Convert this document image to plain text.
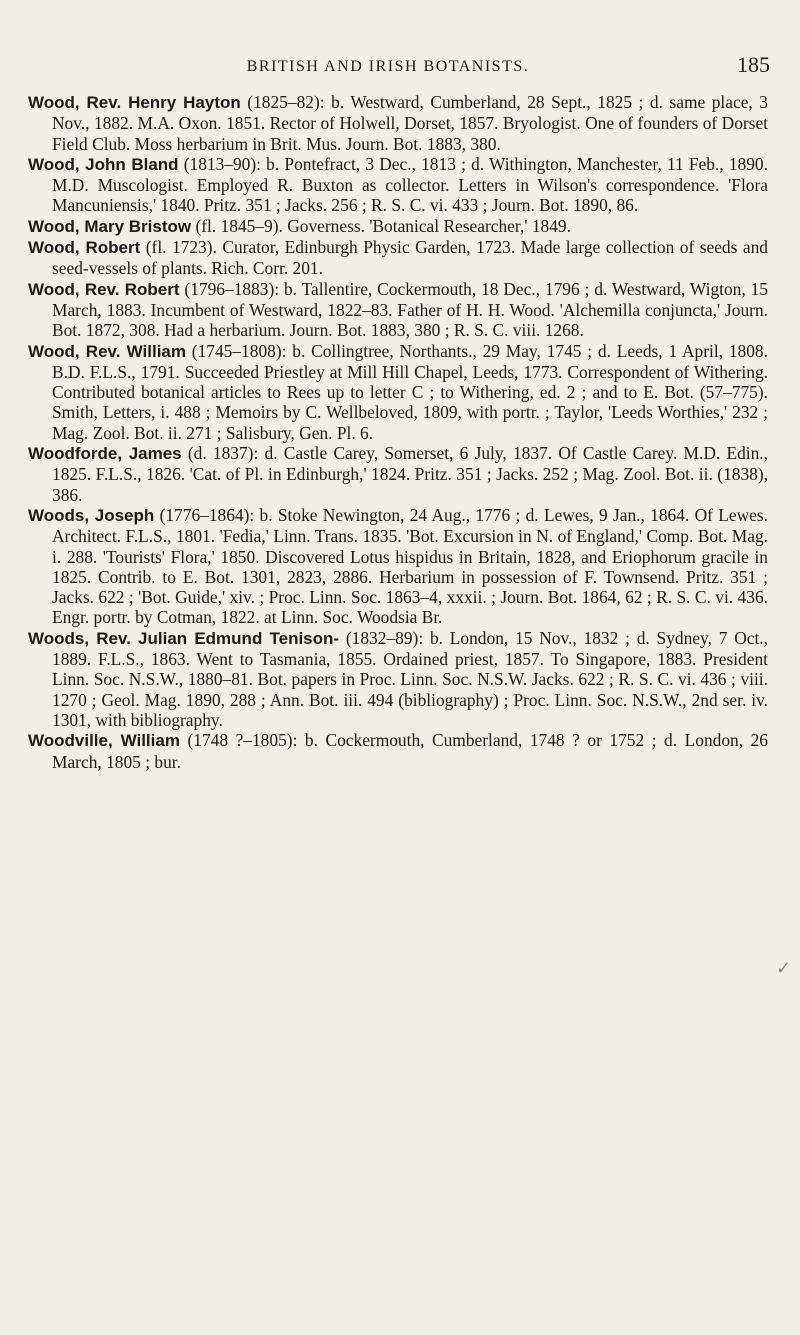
BRITISH AND IRISH BOTANISTS.	185

Wood, Rev. Henry Hayton (1825–82): b. Westward, Cumberland, 28 Sept., 1825 ; d. same place, 3 Nov., 1882. M.A. Oxon. 1851. Rector of Holwell, Dorset, 1857. Bryologist. One of founders of Dorset Field Club. Moss herbarium in Brit. Mus. Journ. Bot. 1883, 380.

Wood, John Bland (1813–90): b. Pontefract, 3 Dec., 1813 ; d. Withington, Manchester, 11 Feb., 1890. M.D. Muscologist. Employed R. Buxton as collector. Letters in Wilson's correspondence. 'Flora Mancuniensis,' 1840. Pritz. 351 ; Jacks. 256 ; R. S. C. vi. 433 ; Journ. Bot. 1890, 86.

Wood, Mary Bristow (fl. 1845–9). Governess. 'Botanical Researcher,' 1849.

Wood, Robert (fl. 1723). Curator, Edinburgh Physic Garden, 1723. Made large collection of seeds and seed-vessels of plants. Rich. Corr. 201.

Wood, Rev. Robert (1796–1883): b. Tallentire, Cockermouth, 18 Dec., 1796 ; d. Westward, Wigton, 15 March, 1883. Incumbent of Westward, 1822–83. Father of H. H. Wood. 'Alchemilla conjuncta,' Journ. Bot. 1872, 308. Had a herbarium. Journ. Bot. 1883, 380 ; R. S. C. viii. 1268.

Wood, Rev. William (1745–1808): b. Collingtree, Northants., 29 May, 1745 ; d. Leeds, 1 April, 1808. B.D. F.L.S., 1791. Succeeded Priestley at Mill Hill Chapel, Leeds, 1773. Correspondent of Withering. Contributed botanical articles to Rees up to letter C ; to Withering, ed. 2 ; and to E. Bot. (57–775). Smith, Letters, i. 488 ; Memoirs by C. Wellbeloved, 1809, with portr. ; Taylor, 'Leeds Worthies,' 232 ; Mag. Zool. Bot. ii. 271 ; Salisbury, Gen. Pl. 6.

Woodforde, James (d. 1837): d. Castle Carey, Somerset, 6 July, 1837. Of Castle Carey. M.D. Edin., 1825. F.L.S., 1826. 'Cat. of Pl. in Edinburgh,' 1824. Pritz. 351 ; Jacks. 252 ; Mag. Zool. Bot. ii. (1838), 386.

Woods, Joseph (1776–1864): b. Stoke Newington, 24 Aug., 1776 ; d. Lewes, 9 Jan., 1864. Of Lewes. Architect. F.L.S., 1801. 'Fedia,' Linn. Trans. 1835. 'Bot. Excursion in N. of England,' Comp. Bot. Mag. i. 288. 'Tourists' Flora,' 1850. Discovered Lotus hispidus in Britain, 1828, and Eriophorum gracile in 1825. Contrib. to E. Bot. 1301, 2823, 2886. Herbarium in possession of F. Townsend. Pritz. 351 ; Jacks. 622 ; 'Bot. Guide,' xiv. ; Proc. Linn. Soc. 1863–4, xxxii. ; Journ. Bot. 1864, 62 ; R. S. C. vi. 436. Engr. portr. by Cotman, 1822. at Linn. Soc. Woodsia Br.

Woods, Rev. Julian Edmund Tenison- (1832–89): b. London, 15 Nov., 1832 ; d. Sydney, 7 Oct., 1889. F.L.S., 1863. Went to Tasmania, 1855. Ordained priest, 1857. To Singapore, 1883. President Linn. Soc. N.S.W., 1880–81. Bot. papers in Proc. Linn. Soc. N.S.W. Jacks. 622 ; R. S. C. vi. 436 ; viii. 1270 ; Geol. Mag. 1890, 288 ; Ann. Bot. iii. 494 (bibliography) ; Proc. Linn. Soc. N.S.W., 2nd ser. iv. 1301, with bibliography.

Woodville, William (1748 ?–1805): b. Cockermouth, Cumberland, 1748 ? or 1752 ; d. London, 26 March, 1805 ; bur.

✓
